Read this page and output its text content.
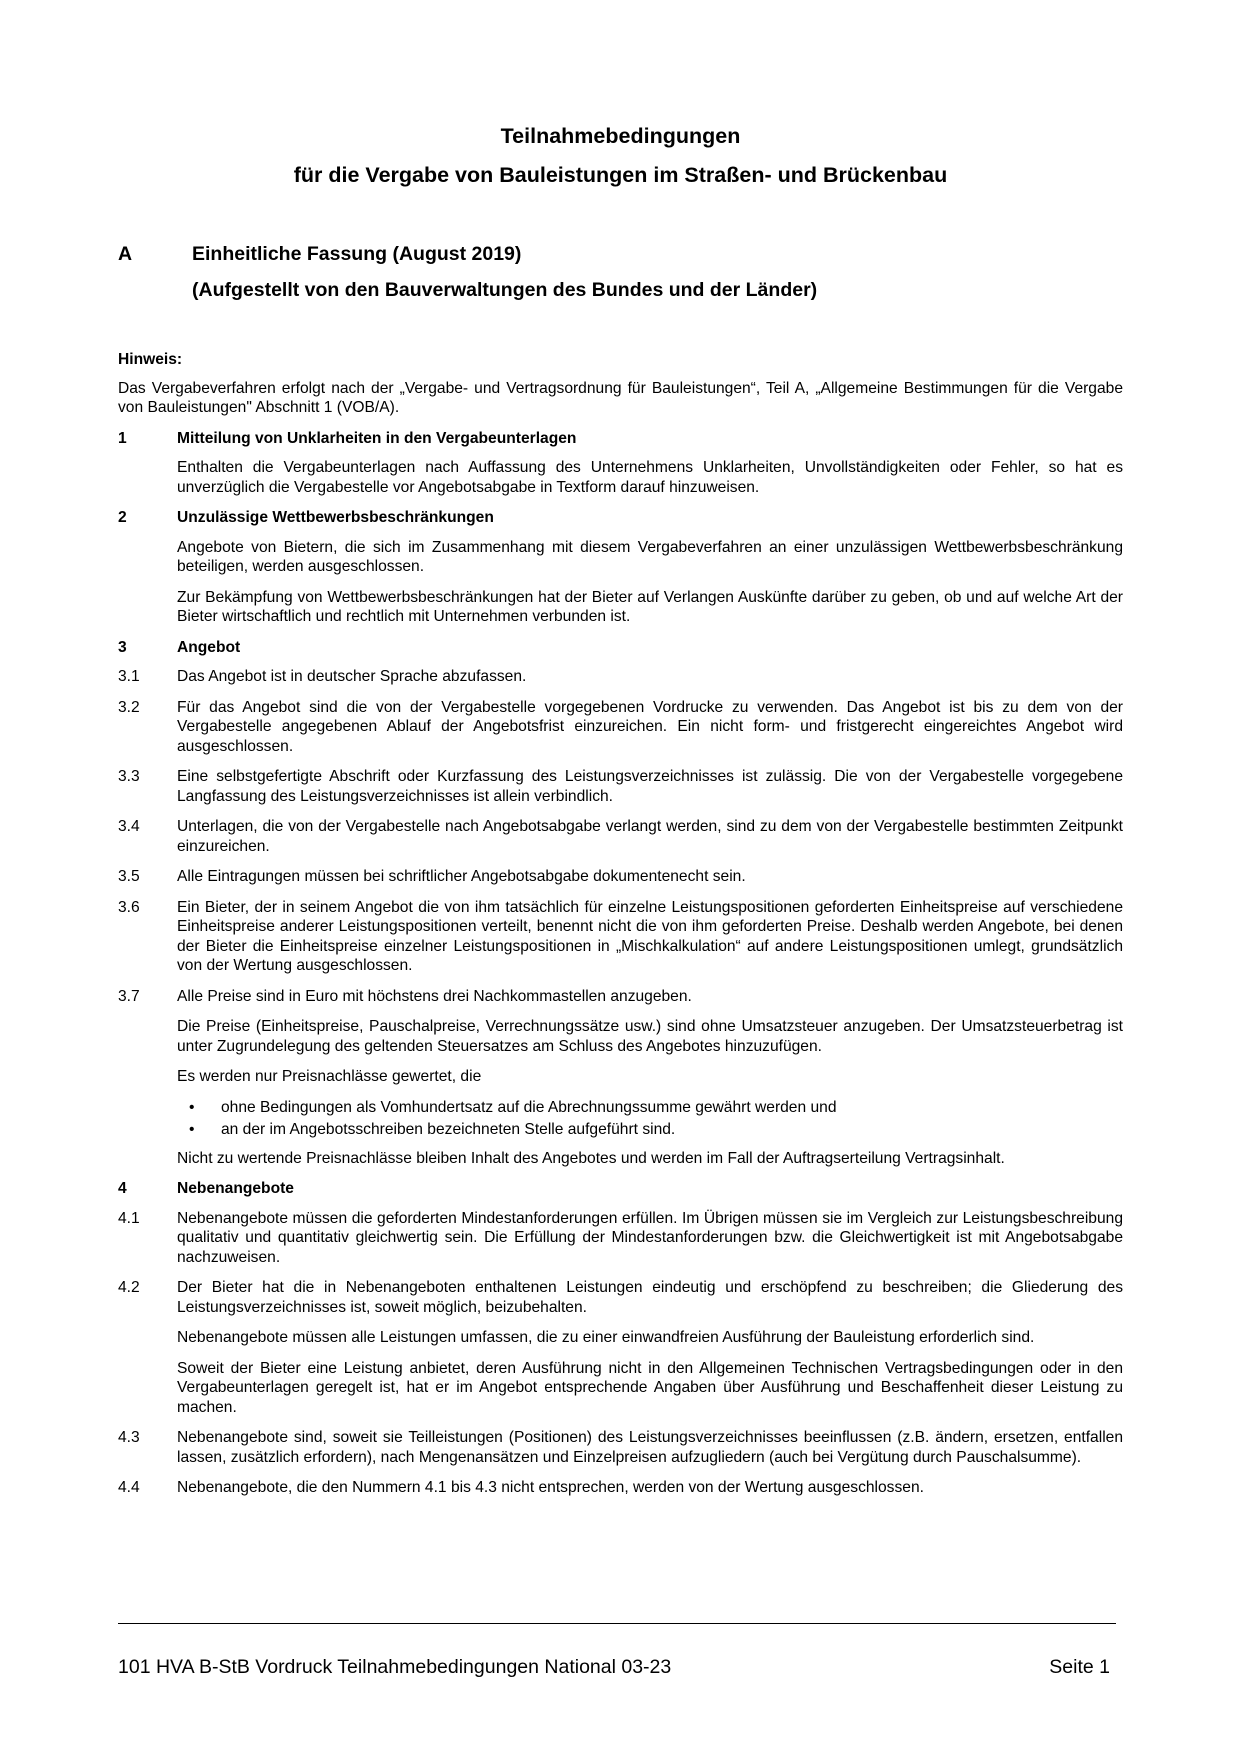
Teilnahmebedingungen
für die Vergabe von Bauleistungen im Straßen- und Brückenbau
A	Einheitliche Fassung (August 2019)
(Aufgestellt von den Bauverwaltungen des Bundes und der Länder)
Hinweis:
Das Vergabeverfahren erfolgt nach der „Vergabe- und Vertragsordnung für Bauleistungen“, Teil A, „Allgemeine Bestimmungen für die Vergabe von Bauleistungen" Abschnitt 1 (VOB/A).
1	Mitteilung von Unklarheiten in den Vergabeunterlagen
Enthalten die Vergabeunterlagen nach Auffassung des Unternehmens Unklarheiten, Unvollständigkeiten oder Fehler, so hat es unverzüglich die Vergabestelle vor Angebotsabgabe in Textform darauf hinzuweisen.
2	Unzulässige Wettbewerbsbeschränkungen
Angebote von Bietern, die sich im Zusammenhang mit diesem Vergabeverfahren an einer unzulässigen Wettbewerbsbeschränkung beteiligen, werden ausgeschlossen.
Zur Bekämpfung von Wettbewerbsbeschränkungen hat der Bieter auf Verlangen Auskünfte darüber zu geben, ob und auf welche Art der Bieter wirtschaftlich und rechtlich mit Unternehmen verbunden ist.
3	Angebot
3.1	Das Angebot ist in deutscher Sprache abzufassen.
3.2	Für das Angebot sind die von der Vergabestelle vorgegebenen Vordrucke zu verwenden. Das Angebot ist bis zu dem von der Vergabestelle angegebenen Ablauf der Angebotsfrist einzureichen. Ein nicht form- und fristgerecht eingereichtes Angebot wird ausgeschlossen.
3.3	Eine selbstgefertigte Abschrift oder Kurzfassung des Leistungsverzeichnisses ist zulässig. Die von der Vergabestelle vorgegebene Langfassung des Leistungsverzeichnisses ist allein verbindlich.
3.4	Unterlagen, die von der Vergabestelle nach Angebotsabgabe verlangt werden, sind zu dem von der Vergabestelle bestimmten Zeitpunkt einzureichen.
3.5	Alle Eintragungen müssen bei schriftlicher Angebotsabgabe dokumentenecht sein.
3.6	Ein Bieter, der in seinem Angebot die von ihm tatsächlich für einzelne Leistungspositionen geforderten Einheitspreise auf verschiedene Einheitspreise anderer Leistungspositionen verteilt, benennt nicht die von ihm geforderten Preise. Deshalb werden Angebote, bei denen der Bieter die Einheitspreise einzelner Leistungspositionen in „Mischkalkulation“ auf andere Leistungspositionen umlegt, grundsätzlich von der Wertung ausgeschlossen.
3.7	Alle Preise sind in Euro mit höchstens drei Nachkommastellen anzugeben.
Die Preise (Einheitspreise, Pauschalpreise, Verrechnungssätze usw.) sind ohne Umsatzsteuer anzugeben. Der Umsatzsteuerbetrag ist unter Zugrundelegung des geltenden Steuersatzes am Schluss des Angebotes hinzuzufügen.
Es werden nur Preisnachlässe gewertet, die
• ohne Bedingungen als Vomhundertsatz auf die Abrechnungssumme gewährt werden und
• an der im Angebotsschreiben bezeichneten Stelle aufgeführt sind.
Nicht zu wertende Preisnachlässe bleiben Inhalt des Angebotes und werden im Fall der Auftragserteilung Vertragsinhalt.
4	Nebenangebote
4.1	Nebenangebote müssen die geforderten Mindestanforderungen erfüllen. Im Übrigen müssen sie im Vergleich zur Leistungsbeschreibung qualitativ und quantitativ gleichwertig sein. Die Erfüllung der Mindestanforderungen bzw. die Gleichwertigkeit ist mit Angebotsabgabe nachzuweisen.
4.2	Der Bieter hat die in Nebenangeboten enthaltenen Leistungen eindeutig und erschöpfend zu beschreiben; die Gliederung des Leistungsverzeichnisses ist, soweit möglich, beizubehalten.
Nebenangebote müssen alle Leistungen umfassen, die zu einer einwandfreien Ausführung der Bauleistung erforderlich sind.
Soweit der Bieter eine Leistung anbietet, deren Ausführung nicht in den Allgemeinen Technischen Vertragsbedingungen oder in den Vergabeunterlagen geregelt ist, hat er im Angebot entsprechende Angaben über Ausführung und Beschaffenheit dieser Leistung zu machen.
4.3	Nebenangebote sind, soweit sie Teilleistungen (Positionen) des Leistungsverzeichnisses beeinflussen (z.B. ändern, ersetzen, entfallen lassen, zusätzlich erfordern), nach Mengenansätzen und Einzelpreisen aufzugliedern (auch bei Vergütung durch Pauschalsumme).
4.4	Nebenangebote, die den Nummern 4.1 bis 4.3 nicht entsprechen, werden von der Wertung ausgeschlossen.
101 HVA B-StB Vordruck Teilnahmebedingungen National 03-23	Seite 1
